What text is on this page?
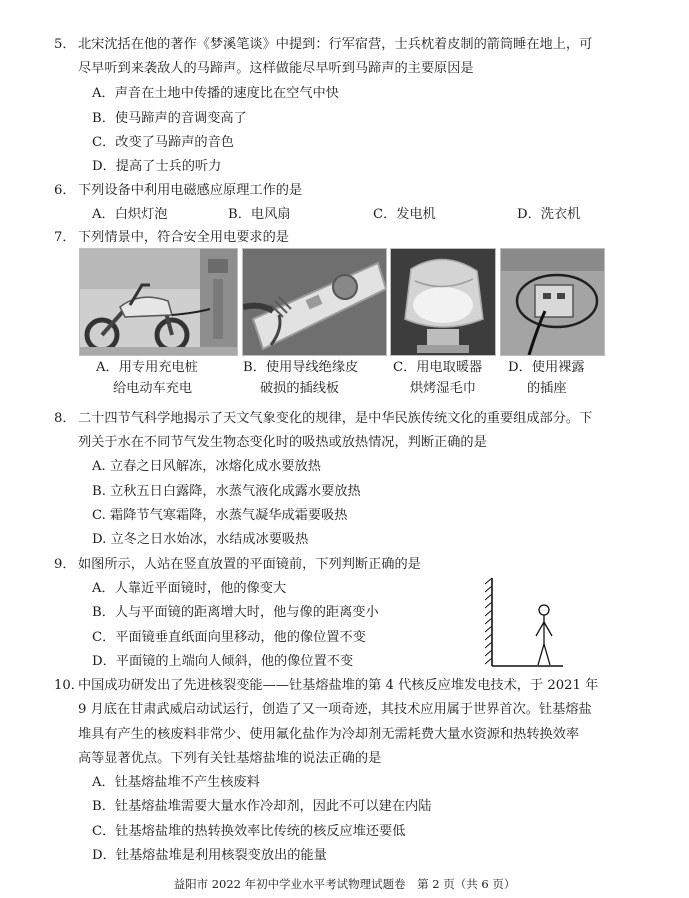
5． 北宋沈括在他的著作《梦溪笔谈》中提到：行军宿营，士兵枕着皮制的箭筒睡在地上，可
尽早听到来袭敌人的马蹄声。这样做能尽早听到马蹄声的主要原因是
A．声音在土地中传播的速度比在空气中快
B．使马蹄声的音调变高了
C．改变了马蹄声的音色
D．提高了士兵的听力
6． 下列设备中利用电磁感应原理工作的是
A．白炽灯泡	B．电风扇	C．发电机	D．洗衣机
7． 下列情景中，符合安全用电要求的是
A．用专用充电桩
给电动车充电
B．使用导线绝缘皮
破损的插线板
C．用电取暖器
烘烤湿毛巾
D．使用裸露
的插座
8． 二十四节气科学地揭示了天文气象变化的规律，是中华民族传统文化的重要组成部分。下
列关于水在不同节气发生物态变化时的吸热或放热情况，判断正确的是
A. 立春之日风解冻，冰熔化成水要放热
B. 立秋五日白露降，水蒸气液化成露水要放热
C. 霜降节气寒霜降，水蒸气凝华成霜要吸热
D. 立冬之日水始冰，水结成冰要吸热
9． 如图所示，人站在竖直放置的平面镜前，下列判断正确的是
A．人靠近平面镜时，他的像变大
B．人与平面镜的距离增大时，他与像的距离变小
C．平面镜垂直纸面向里移动，他的像位置不变
D．平面镜的上端向人倾斜，他的像位置不变
10．
中国成功研发出了先进核裂变能——钍基熔盐堆的第 4 代核反应堆发电技术，于 2021 年
9 月底在甘肃武威启动试运行，创造了又一项奇迹，其技术应用属于世界首次。钍基熔盐
堆具有产生的核废料非常少、使用氟化盐作为冷却剂无需耗费大量水资源和热转换效率
高等显著优点。下列有关钍基熔盐堆的说法正确的是
A．钍基熔盐堆不产生核废料
B．钍基熔盐堆需要大量水作冷却剂，因此不可以建在内陆
C．钍基熔盐堆的热转换效率比传统的核反应堆还要低
D．钍基熔盐堆是利用核裂变放出的能量
益阳市 2022 年初中学业水平考试物理试题卷　第 2 页（共 6 页）
